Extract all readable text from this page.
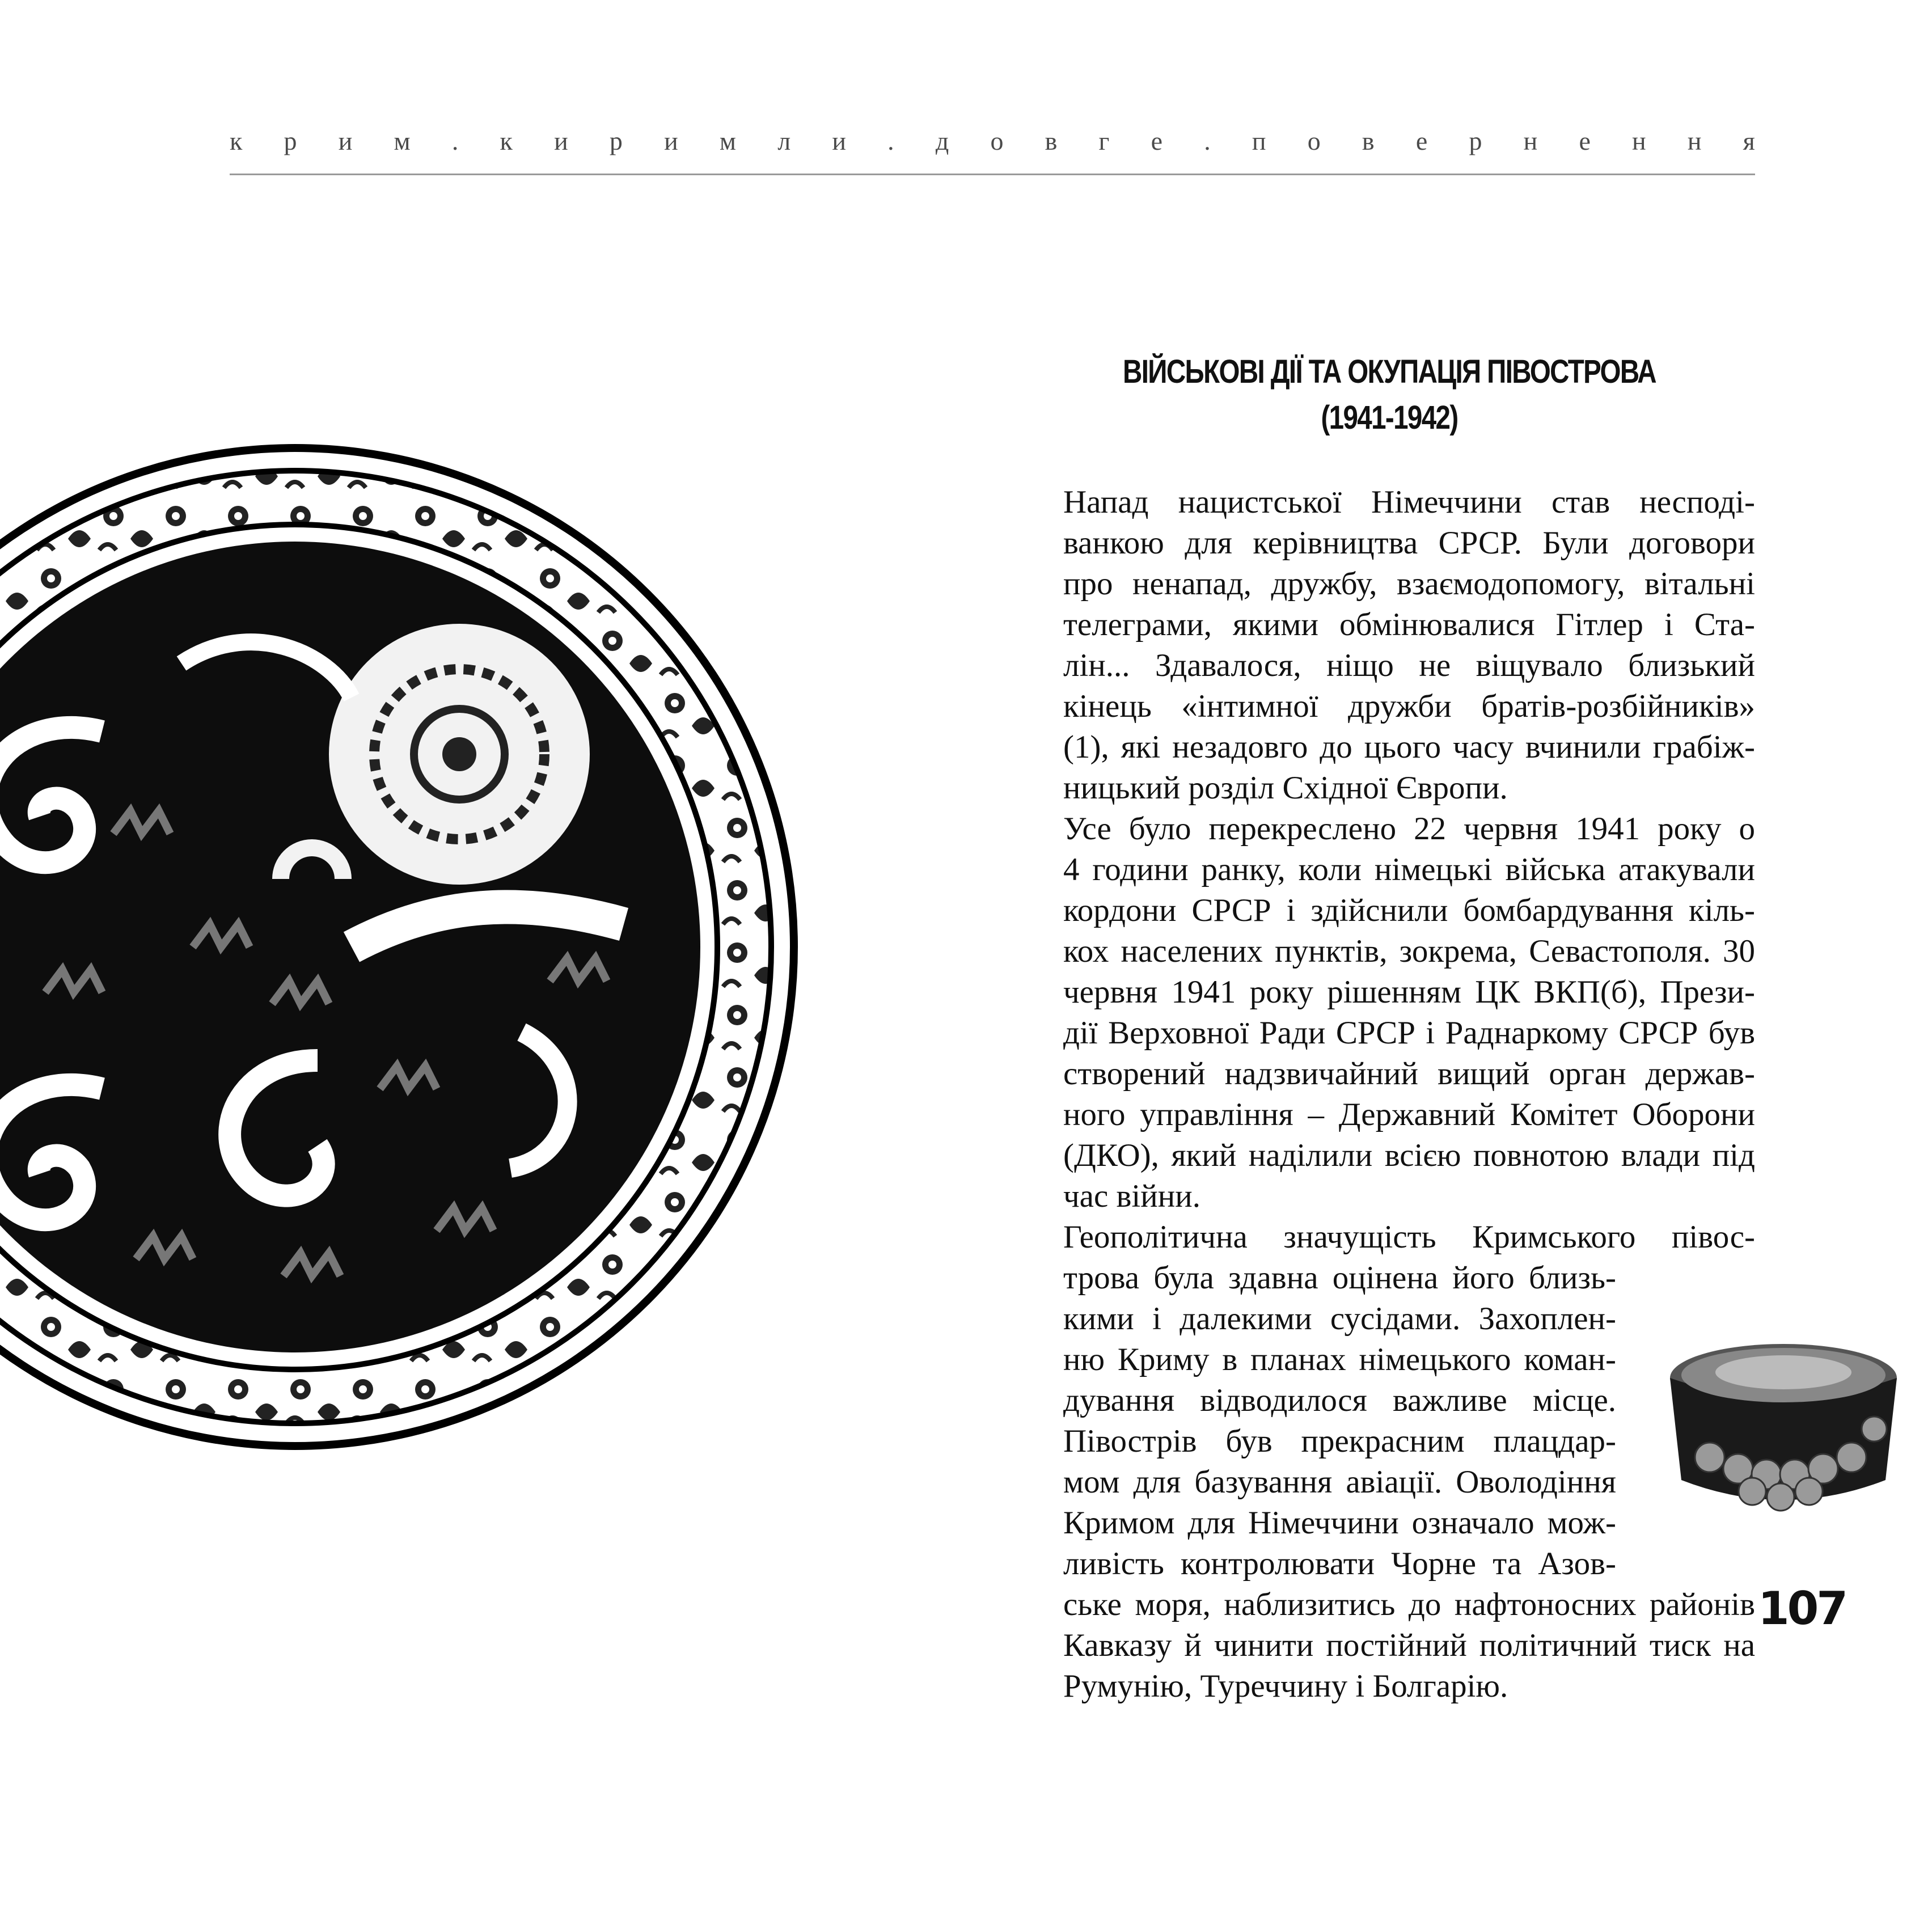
к р и м . к и р и м л и . д о в г е . п о в е р н е н н я
ВІЙСЬКОВІ ДІЇ ТА ОКУПАЦІЯ ПІВОСТРОВА
(1941-1942)

Напад нацистської Німеччини став несподі-
ванкою для керівництва СРСР. Були договори
про ненапад, дружбу, взаємодопомогу, вітальні
телеграми, якими обмінювалися Гітлер і Ста-
лін... Здавалося, ніщо не віщувало близький
кінець «інтимної дружби братів-розбійників»
(1), які незадовго до цього часу вчинили грабіж-
ницький розділ Східної Європи.

Усе було перекреслено 22 червня 1941 року о
4 години ранку, коли німецькі війська атакували
кордони СРСР і здійснили бомбардування кіль-
кох населених пунктів, зокрема, Севастополя. 30
червня 1941 року рішенням ЦК ВКП(б), Прези-
дії Верховної Ради СРСР і Раднаркому СРСР був
створений надзвичайний вищий орган держав-
ного управління – Державний Комітет Оборони
(ДКО), який наділили всією повнотою влади під
час війни.

Геополітична значущість Кримського півос-
трова була здавна оцінена його близь-
кими і далекими сусідами. Захоплен-
ню Криму в планах німецького коман-
дування відводилося важливе місце.
Півострів був прекрасним плацдар-
мом для базування авіації. Оволодіння
Кримом для Німеччини означало мож-
ливість контролювати Чорне та Азов-
ське моря, наблизитись до нафтоносних районів
Кавказу й чинити постійний політичний тиск на
Румунію, Туреччину і Болгарію.

107
